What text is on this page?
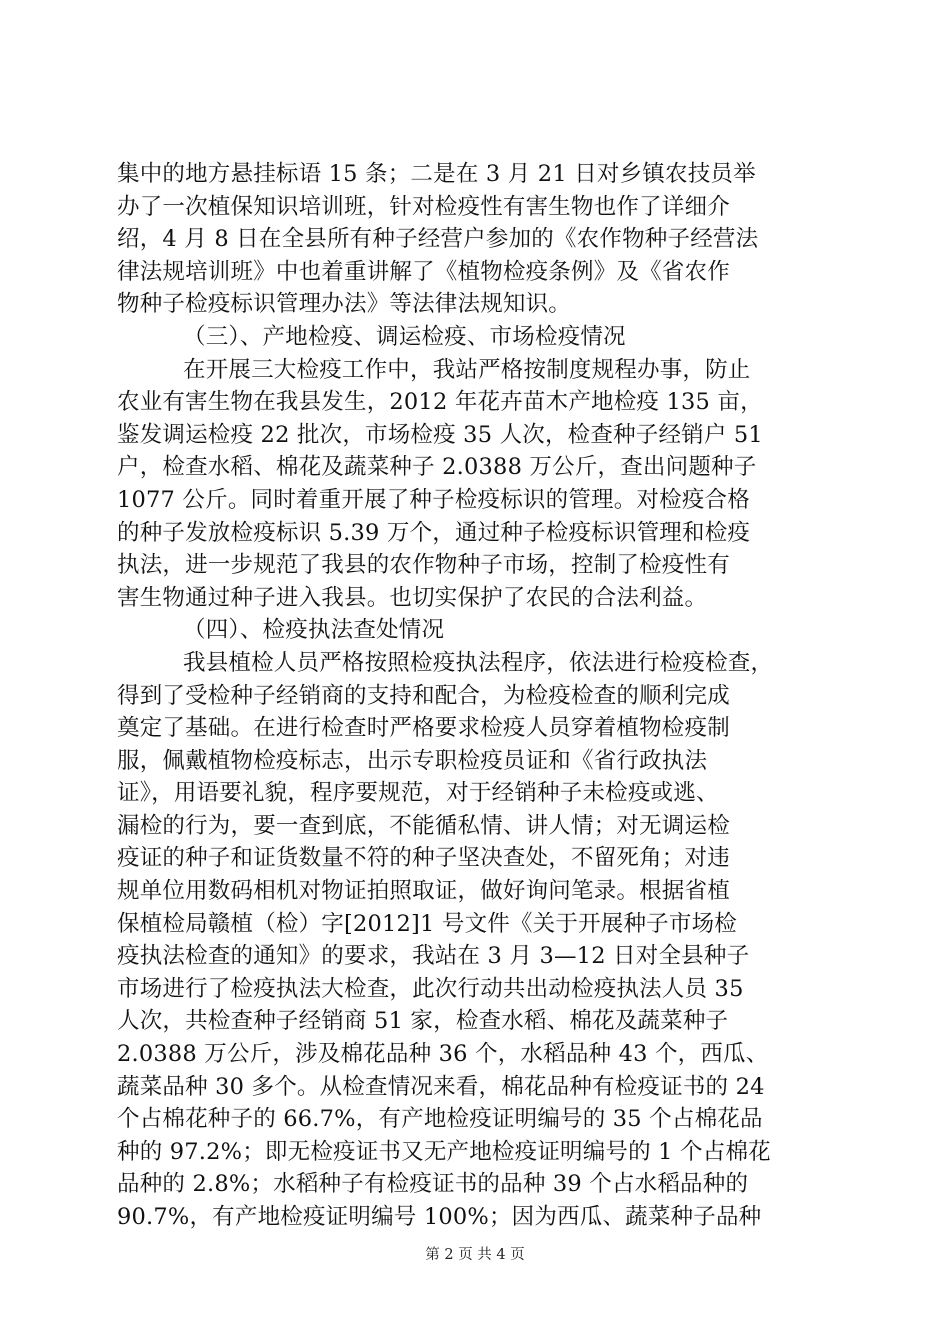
集中的地方悬挂标语 15 条；二是在 3 月 21 日对乡镇农技员举
办了一次植保知识培训班，针对检疫性有害生物也作了详细介
绍，4 月 8 日在全县所有种子经营户参加的《农作物种子经营法
律法规培训班》中也着重讲解了《植物检疫条例》及《省农作
物种子检疫标识管理办法》等法律法规知识。
（三）、产地检疫、调运检疫、市场检疫情况
在开展三大检疫工作中，我站严格按制度规程办事，防止
农业有害生物在我县发生，2012 年花卉苗木产地检疫 135 亩，
鉴发调运检疫 22 批次，市场检疫 35 人次，检查种子经销户 51
户，检查水稻、棉花及蔬菜种子 2.0388 万公斤，查出问题种子
1077 公斤。同时着重开展了种子检疫标识的管理。对检疫合格
的种子发放检疫标识 5.39 万个，通过种子检疫标识管理和检疫
执法，进一步规范了我县的农作物种子市场，控制了检疫性有
害生物通过种子进入我县。也切实保护了农民的合法利益。
（四）、检疫执法查处情况
我县植检人员严格按照检疫执法程序，依法进行检疫检查，
得到了受检种子经销商的支持和配合，为检疫检查的顺利完成
奠定了基础。在进行检查时严格要求检疫人员穿着植物检疫制
服，佩戴植物检疫标志，出示专职检疫员证和《省行政执法
证》，用语要礼貌，程序要规范，对于经销种子未检疫或逃、
漏检的行为，要一查到底，不能循私情、讲人情；对无调运检
疫证的种子和证货数量不符的种子坚决查处，不留死角；对违
规单位用数码相机对物证拍照取证，做好询问笔录。根据省植
保植检局赣植（检）字[2012]1 号文件《关于开展种子市场检
疫执法检查的通知》的要求，我站在 3 月 3—12 日对全县种子
市场进行了检疫执法大检查，此次行动共出动检疫执法人员 35
人次，共检查种子经销商 51 家，检查水稻、棉花及蔬菜种子
2.0388 万公斤，涉及棉花品种 36 个，水稻品种 43 个，西瓜、
蔬菜品种 30 多个。从检查情况来看，棉花品种有检疫证书的 24
个占棉花种子的 66.7%，有产地检疫证明编号的 35 个占棉花品
种的 97.2%；即无检疫证书又无产地检疫证明编号的 1 个占棉花
品种的 2.8%；水稻种子有检疫证书的品种 39 个占水稻品种的
90.7%，有产地检疫证明编号 100%；因为西瓜、蔬菜种子品种
第 2 页 共 4 页
